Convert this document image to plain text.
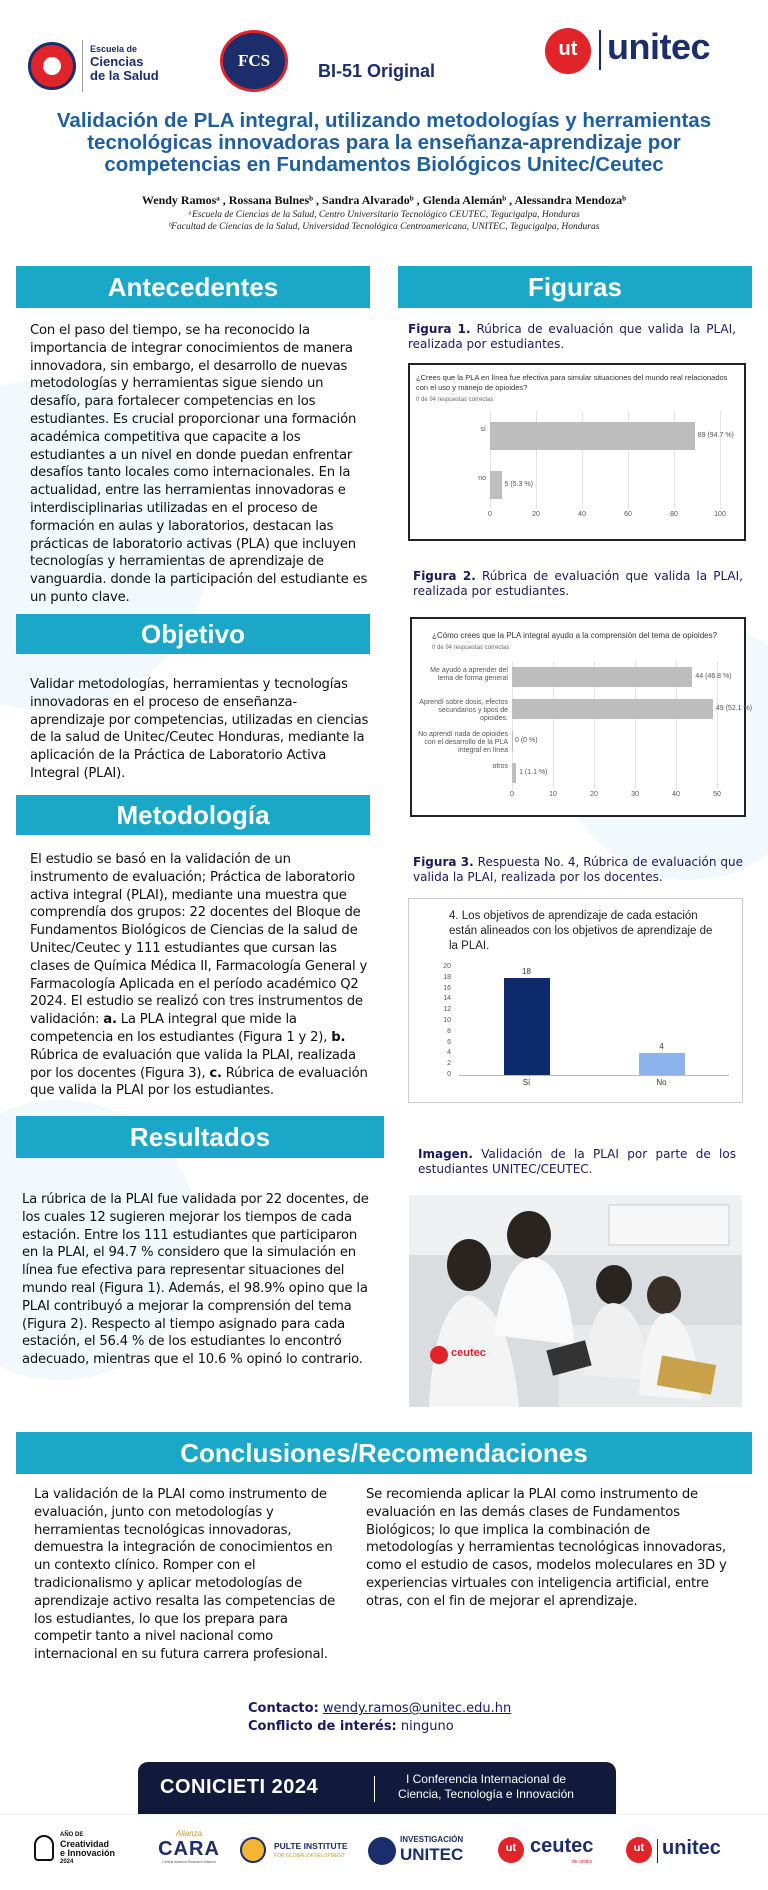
Escuela de
Ciencias
de la Salud
FCS
BI-51 Original
ut unitec
Validación de PLA integral, utilizando metodologías y herramientas tecnológicas innovadoras para la enseñanza-aprendizaje por competencias en Fundamentos Biológicos Unitec/Ceutec
Wendy Ramosᵃ , Rossana Bulnesᵇ , Sandra Alvaradoᵇ , Glenda Alemánᵇ , Alessandra Mendozaᵇ
ᵃEscuela de Ciencias de la Salud, Centro Universitario Tecnológico CEUTEC, Tegucigalpa, Honduras
ᵇFacultad de Ciencias de la Salud, Universidad Tecnológica Centroamericana, UNITEC, Tegucigalpa, Honduras
Antecedentes
Con el paso del tiempo, se ha reconocido la importancia de integrar conocimientos de manera innovadora, sin embargo, el desarrollo de nuevas metodologías y herramientas sigue siendo un desafío, para fortalecer competencias en los estudiantes. Es crucial proporcionar una formación académica competitiva que capacite a los estudiantes a un nivel en donde puedan enfrentar desafíos tanto locales como internacionales. En la actualidad, entre las herramientas innovadoras e interdisciplinarias utilizadas en el proceso de formación en aulas y laboratorios, destacan las prácticas de laboratorio activas (PLA) que incluyen tecnologías y herramientas de aprendizaje de vanguardia. donde la participación del estudiante es un punto clave.
Objetivo
Validar metodologías, herramientas y tecnologías innovadoras en el proceso de enseñanza-aprendizaje por competencias, utilizadas en ciencias de la salud de Unitec/Ceutec Honduras, mediante la aplicación de la Práctica de Laboratorio Activa Integral (PLAI).
Metodología
El estudio se basó en la validación de un instrumento de evaluación; Práctica de laboratorio activa integral (PLAI), mediante una muestra que comprendía dos grupos: 22 docentes del Bloque de Fundamentos Biológicos de Ciencias de la salud de Unitec/Ceutec y 111 estudiantes que cursan las clases de Química Médica II, Farmacología General y Farmacología Aplicada en el período académico Q2 2024. El estudio se realizó con tres instrumentos de validación: a. La PLA integral que mide la competencia en los estudiantes (Figura 1 y 2), b. Rúbrica de evaluación que valida la PLAI, realizada por los docentes (Figura 3), c. Rúbrica de evaluación que valida la PLAI por los estudiantes.
Resultados
La rúbrica de la PLAI fue validada por 22 docentes, de los cuales 12 sugieren mejorar los tiempos de cada estación. Entre los 111 estudiantes que participaron en la PLAI, el 94.7 % considero que la simulación en línea fue efectiva para representar situaciones del mundo real (Figura 1). Además, el 98.9% opino que la PLAI contribuyó a mejorar la comprensión del tema (Figura 2). Respecto al tiempo asignado para cada estación, el 56.4 % de los estudiantes lo encontró adecuado, mientras que el 10.6 % opinó lo contrario.
Figuras
Figura 1. Rúbrica de evaluación que valida la PLAI, realizada por estudiantes.
¿Crees que la PLA en línea fue efectiva para simular situaciones del mundo real relacionados con el uso y manejo de opioides?
0 de 94 respuestas correctas
0	20	40	60	80	100
sí
89 (94.7 %)
no
5 (5.3 %)
Figura 2. Rúbrica de evaluación que valida la PLAI, realizada por estudiantes.
¿Cómo crees que la PLA integral ayudo a la comprensión del tema de opioides?
0 de 94 respuestas correctas
0	10	20	30	40	50
Me ayudó a aprender del tema de forma general	44 (46.8 %)
Aprendí sobre dosis, efectos secundarios y tipos de opioides.
49 (52.1 %)
No aprendí nada de opioides con el desarrollo de la PLA integral en línea
0 (0 %)
otros
1 (1.1 %)
Figura 3. Respuesta No. 4, Rúbrica de evaluación que valida la PLAI, realizada por los docentes.
4. Los objetivos de aprendizaje de cada estación están alineados con los objetivos de aprendizaje de la PLAI.
0
2
4
6
8
10
12
14
16
18
20
18
Sí
4
No
Imagen. Validación de la PLAI por parte de los estudiantes UNITEC/CEUTEC.
ceutec
Conclusiones/Recomendaciones
La validación de la PLAI como instrumento de evaluación, junto con metodologías y herramientas tecnológicas innovadoras, demuestra la integración de conocimientos en un contexto clínico. Romper con el tradicionalismo y aplicar metodologías de aprendizaje activo resalta las competencias de los estudiantes, lo que los prepara para competir tanto a nivel nacional como internacional en su futura carrera profesional.
Se recomienda aplicar la PLAI como instrumento de evaluación en las demás clases de Fundamentos Biológicos; lo que implica la combinación de metodologías y herramientas tecnológicas innovadoras, como el estudio de casos, modelos moleculares en 3D y experiencias virtuales con inteligencia artificial, entre otras, con el fin de mejorar el aprendizaje.
Contacto: wendy.ramos@unitec.edu.hn
Conflicto de interés: ninguno
CONICIETI 2024	I Conferencia Internacional de
Ciencia, Tecnología e Innovación
AÑO DE
Creatividad
e Innovación
2024
Alianza
CARA
Central America Research Alliance
PULTE INSTITUTE
FOR GLOBAL DEVELOPMENT
INVESTIGACIÓN
UNITEC	ut ceutec
de unitec
ut unitec
